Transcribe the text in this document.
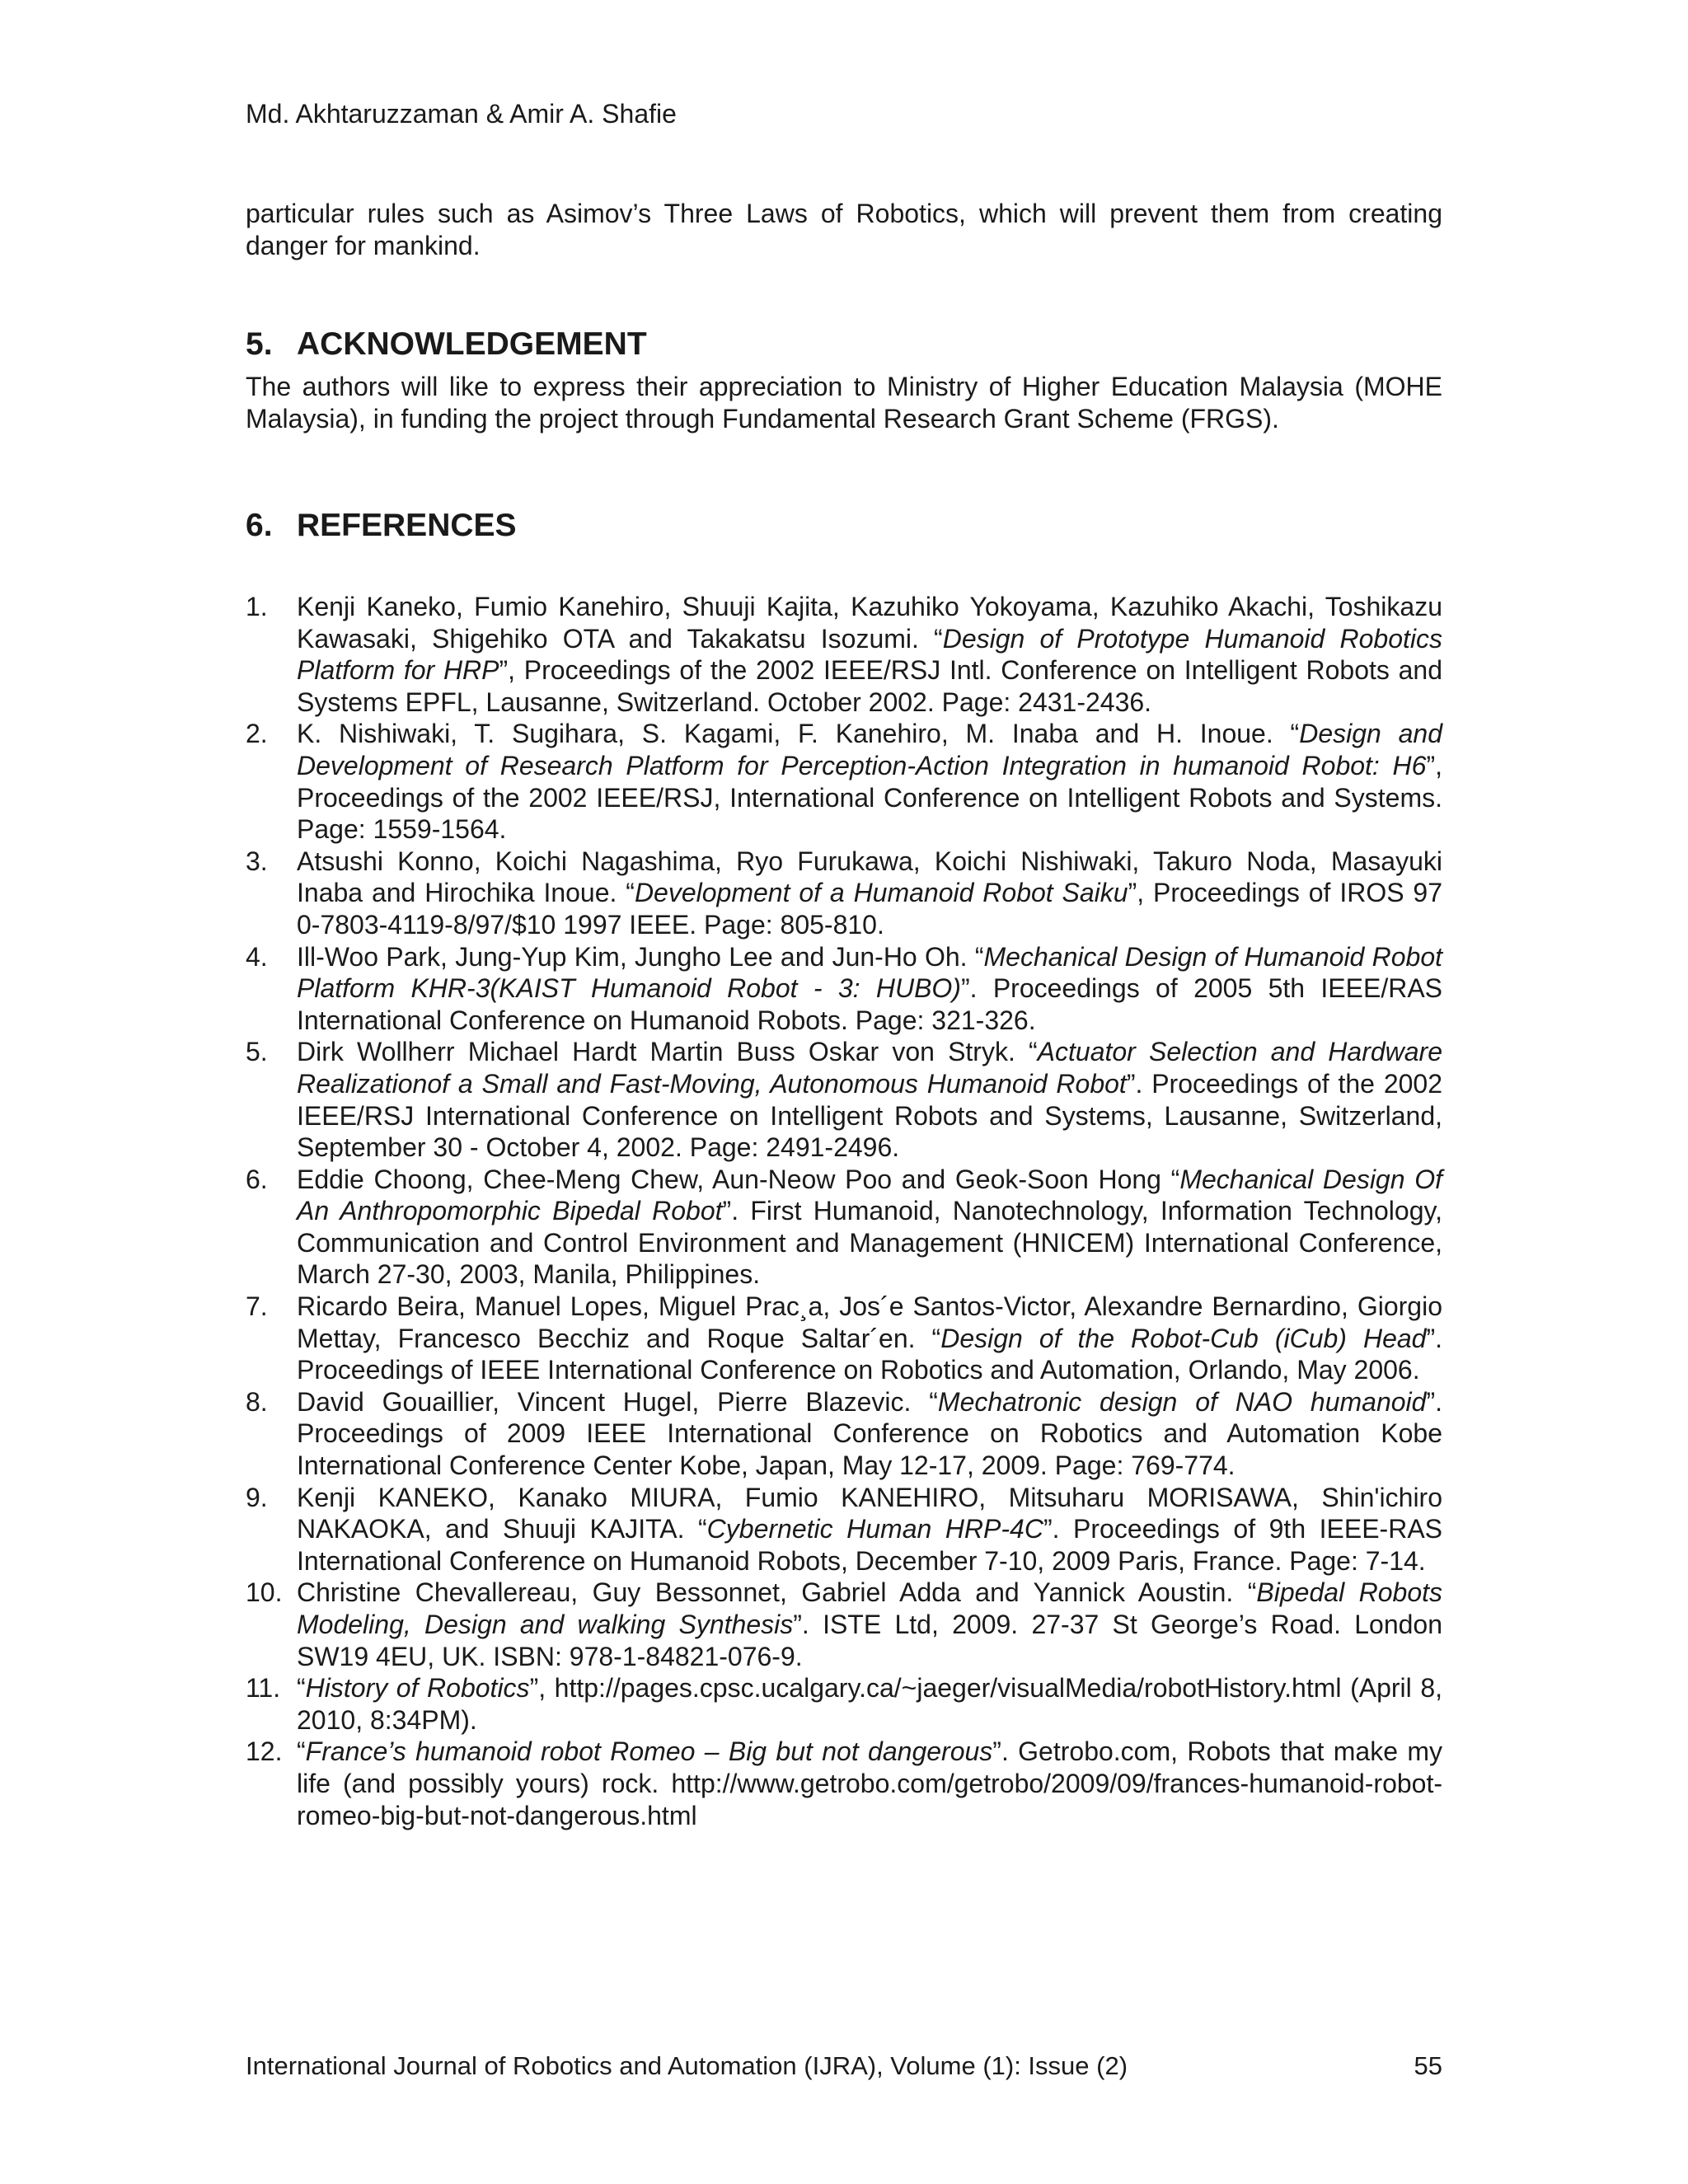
Md. Akhtaruzzaman & Amir A. Shafie

particular rules such as Asimov’s Three Laws of Robotics, which will prevent them from creating danger for mankind.

5. ACKNOWLEDGEMENT

The authors will like to express their appreciation to Ministry of Higher Education Malaysia (MOHE Malaysia), in funding the project through Fundamental Research Grant Scheme (FRGS).

6. REFERENCES
1.	Kenji Kaneko, Fumio Kanehiro, Shuuji Kajita, Kazuhiko Yokoyama, Kazuhiko Akachi, Toshikazu Kawasaki, Shigehiko OTA and Takakatsu Isozumi. “Design of Prototype Humanoid Robotics Platform for HRP”, Proceedings of the 2002 IEEE/RSJ Intl. Conference on Intelligent Robots and Systems EPFL, Lausanne, Switzerland. October 2002. Page: 2431-2436.
2.	K. Nishiwaki, T. Sugihara, S. Kagami, F. Kanehiro, M. Inaba and H. Inoue. “Design and Development of Research Platform for Perception-Action Integration in humanoid Robot: H6”, Proceedings of the 2002 IEEE/RSJ, International Conference on Intelligent Robots and Systems. Page: 1559-1564.
3.	Atsushi Konno, Koichi Nagashima, Ryo Furukawa, Koichi Nishiwaki, Takuro Noda, Masayuki Inaba and Hirochika Inoue. “Development of a Humanoid Robot Saiku”, Proceedings of IROS 97 0-7803-4119-8/97/$10 1997 IEEE. Page: 805-810.
4.	Ill-Woo Park, Jung-Yup Kim, Jungho Lee and Jun-Ho Oh. “Mechanical Design of Humanoid Robot Platform KHR-3(KAIST Humanoid Robot - 3: HUBO)”. Proceedings of 2005 5th IEEE/RAS International Conference on Humanoid Robots. Page: 321-326.
5.	Dirk Wollherr Michael Hardt Martin Buss Oskar von Stryk. “Actuator Selection and Hardware Realizationof a Small and Fast-Moving, Autonomous Humanoid Robot”. Proceedings of the 2002 IEEE/RSJ International Conference on Intelligent Robots and Systems, Lausanne, Switzerland, September 30 - October 4, 2002. Page: 2491-2496.
6.	Eddie Choong, Chee-Meng Chew, Aun-Neow Poo and Geok-Soon Hong “Mechanical Design Of An Anthropomorphic Bipedal Robot”. First Humanoid, Nanotechnology, Information Technology, Communication and Control Environment and Management (HNICEM) International Conference, March 27-30, 2003, Manila, Philippines.
7.	Ricardo Beira, Manuel Lopes, Miguel Prac¸a, Jos´e Santos-Victor, Alexandre Bernardino, Giorgio Mettay, Francesco Becchiz and Roque Saltar´en. “Design of the Robot-Cub (iCub) Head”. Proceedings of IEEE International Conference on Robotics and Automation, Orlando, May 2006.
8.	David Gouaillier, Vincent Hugel, Pierre Blazevic. “Mechatronic design of NAO humanoid”. Proceedings of 2009 IEEE International Conference on Robotics and Automation Kobe International Conference Center Kobe, Japan, May 12-17, 2009. Page: 769-774.
9.	Kenji KANEKO, Kanako MIURA, Fumio KANEHIRO, Mitsuharu MORISAWA, Shin'ichiro NAKAOKA, and Shuuji KAJITA. “Cybernetic Human HRP-4C”. Proceedings of 9th IEEE-RAS International Conference on Humanoid Robots, December 7-10, 2009 Paris, France. Page: 7-14.
10. Christine Chevallereau, Guy Bessonnet, Gabriel Adda and Yannick Aoustin. “Bipedal Robots Modeling, Design and walking Synthesis”. ISTE Ltd, 2009. 27-37 St George’s Road. London SW19 4EU, UK. ISBN: 978-1-84821-076-9.
11. “History of Robotics”, http://pages.cpsc.ucalgary.ca/~jaeger/visualMedia/robotHistory.html (April 8, 2010, 8:34PM).
12. “France’s humanoid robot Romeo – Big but not dangerous”. Getrobo.com, Robots that make my life (and possibly yours) rock. http://www.getrobo.com/getrobo/2009/09/frances-humanoid-robot-romeo-big-but-not-dangerous.html
International Journal of Robotics and Automation (IJRA), Volume (1): Issue (2)	55
